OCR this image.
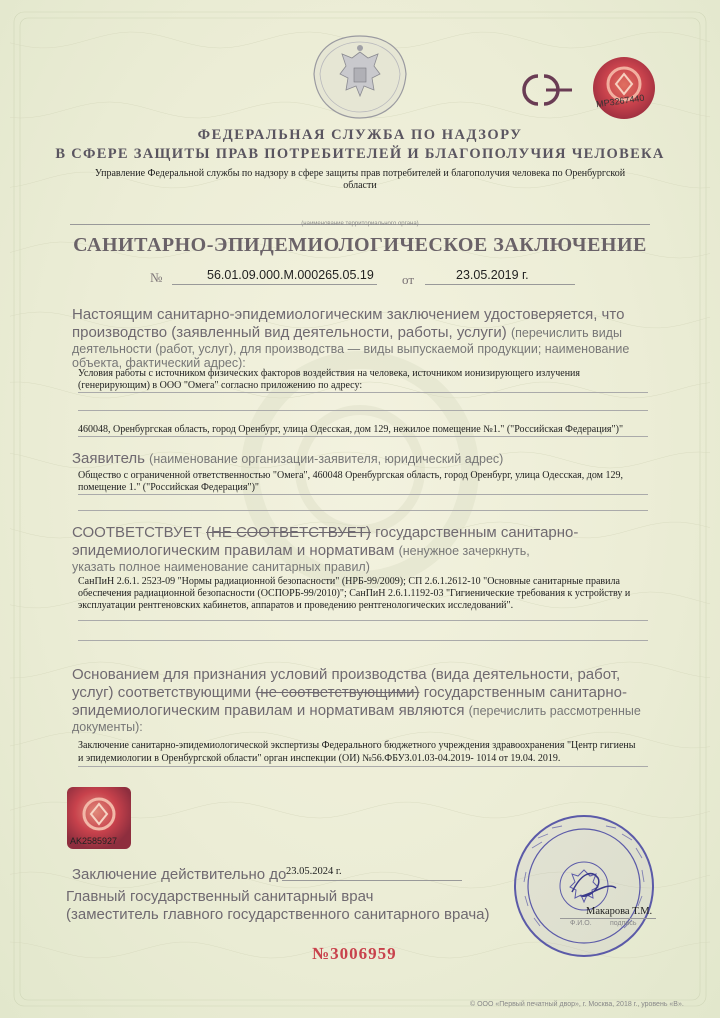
МР3267440
ФЕДЕРАЛЬНАЯ СЛУЖБА ПО НАДЗОРУ
В СФЕРЕ ЗАЩИТЫ ПРАВ ПОТРЕБИТЕЛЕЙ И БЛАГОПОЛУЧИЯ ЧЕЛОВЕКА
Управление Федеральной службы по надзору в сфере защиты прав потребителей и благополучия человека по Оренбургской области
(наименование территориального органа)
САНИТАРНО-ЭПИДЕМИОЛОГИЧЕСКОЕ ЗАКЛЮЧЕНИЕ
№	56.01.09.000.М.000265.05.19 от	23.05.2019 г.
Настоящим санитарно-эпидемиологическим заключением удостоверяется, что
производство (заявленный вид деятельности, работы, услуги) (перечислить виды
деятельности (работ, услуг), для производства — виды выпускаемой продукции; наименование
объекта, фактический адрес):
Условия работы с источником физических факторов воздействия на человека, источником ионизирующего излучения
(генерирующим) в ООО "Омега" согласно приложению по адресу:
460048, Оренбургская область, город Оренбург, улица Одесская, дом 129, нежилое помещение №1." ("Российская Федерация")"
Заявитель (наименование организации-заявителя, юридический адрес)
Общество с ограниченной ответственностью "Омега", 460048 Оренбургская область, город Оренбург, улица Одесская, дом 129,
помещение 1." ("Российская Федерация")"
СООТВЕТСТВУЕТ (НЕ СООТВЕТСТВУЕТ) государственным санитарно-
эпидемиологическим правилам и нормативам (ненужное зачеркнуть,
указать полное наименование санитарных правил)
СанПиН 2.6.1. 2523-09 "Нормы радиационной безопасности" (НРБ-99/2009); СП 2.6.1.2612-10 "Основные санитарные правила
обеспечения радиационной безопасности (ОСПОРБ-99/2010)"; СанПиН 2.6.1.1192-03 "Гигиенические требования к устройству и
эксплуатации рентгеновских кабинетов, аппаратов и проведению рентгенологических исследований".
Основанием для признания условий производства (вида деятельности, работ,
услуг) соответствующими (не соответствующими) государственным санитарно-
эпидемиологическим правилам и нормативам являются (перечислить рассмотренные
документы):
Заключение санитарно-эпидемиологической экспертизы Федерального бюджетного учреждения здравоохранения "Центр гигиены
и эпидемиологии в Оренбургской области" орган инспекции (ОИ) №56.ФБУЗ.01.03-04.2019- 1014 от 19.04. 2019.
AK2585927
Заключение действительно до 23.05.2024 г.
Главный государственный санитарный врач
(заместитель главного государственного санитарного врача)	Макарова Т.М.
Ф.И.О.	подпись
№3006959
© ООО «Первый печатный двор», г. Москва, 2018 г., уровень «В».
